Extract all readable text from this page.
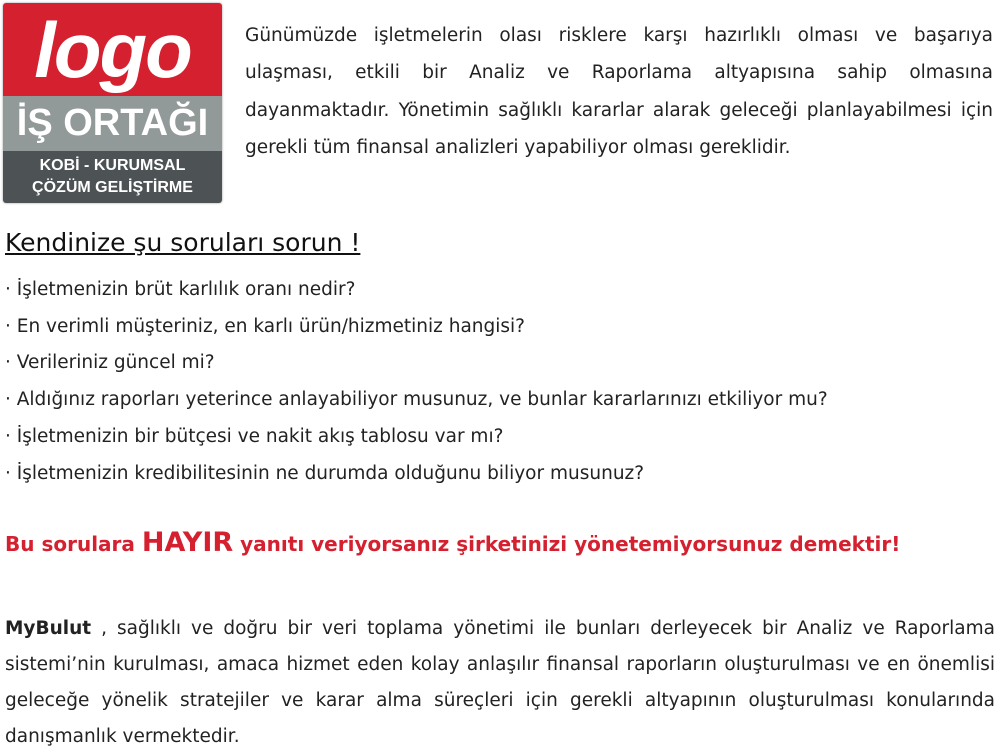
logo
İŞ ORTAĞI
KOBİ - KURUMSAL
ÇÖZÜM GELİŞTİRME

Günümüzde işletmelerin olası risklere karşı hazırlıklı olması ve başarıya ulaşması, etkili bir Analiz ve Raporlama altyapısına sahip olmasına dayanmaktadır. Yönetimin sağlıklı kararlar alarak geleceği planlayabilmesi için gerekli tüm finansal analizleri yapabiliyor olması gereklidir.

Kendinize şu soruları sorun !
· İşletmenizin brüt karlılık oranı nedir?
· En verimli müşteriniz, en karlı ürün/hizmetiniz hangisi?
· Verileriniz güncel mi?
· Aldığınız raporları yeterince anlayabiliyor musunuz, ve bunlar kararlarınızı etkiliyor mu?
· İşletmenizin bir bütçesi ve nakit akış tablosu var mı?
· İşletmenizin kredibilitesinin ne durumda olduğunu biliyor musunuz?
Bu sorulara HAYIR yanıtı veriyorsanız şirketinizi yönetemiyorsunuz demektir!

MyBulut , sağlıklı ve doğru bir veri toplama yönetimi ile bunları derleyecek bir Analiz ve Raporlama sistemi’nin kurulması, amaca hizmet eden kolay anlaşılır finansal raporların oluşturulması ve en önemlisi geleceğe yönelik stratejiler ve karar alma süreçleri için gerekli altyapının oluşturulması konularında danışmanlık vermektedir.
